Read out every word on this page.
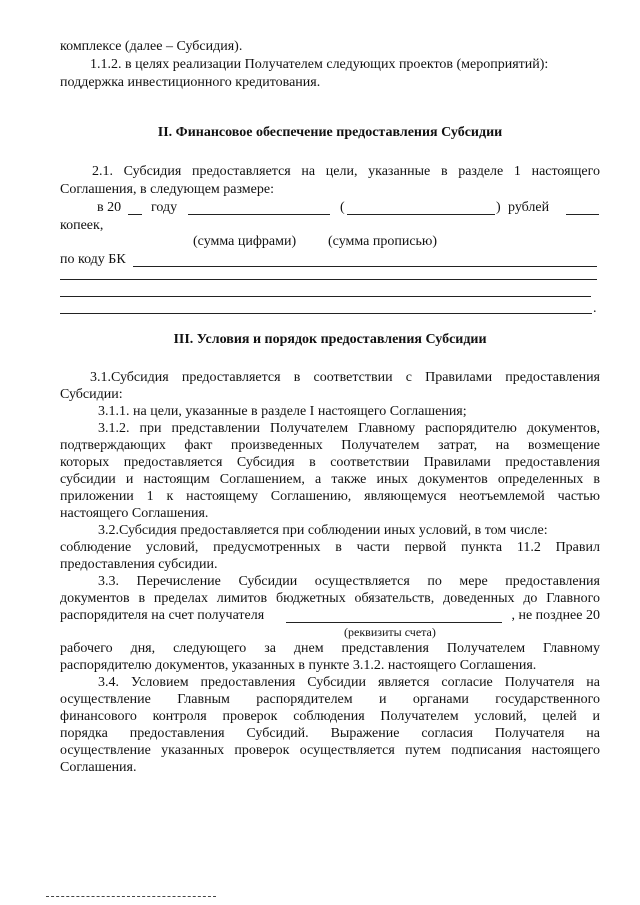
комплексе (далее – Субсидия).
1.1.2. в целях реализации Получателем следующих проектов (мероприятий):
поддержка инвестиционного кредитования.
II. Финансовое обеспечение предоставления Субсидии
2.1. Субсидия предоставляется на цели, указанные в разделе 1 настоящего
Соглашения, в следующем размере:
в 20 году	(	) рублей
копеек,
(сумма цифрами) (сумма прописью)
по коду БК
.
III. Условия и порядок предоставления Субсидии
3.1.Субсидия предоставляется в соответствии с Правилами предоставления
Субсидии:
3.1.1. на цели, указанные в разделе I настоящего Соглашения;
3.1.2. при представлении Получателем Главному распорядителю документов,
подтверждающих факт произведенных Получателем затрат, на возмещение
которых предоставляется Субсидия в соответствии Правилами предоставления
субсидии и настоящим Соглашением, а также иных документов определенных в
приложении 1 к настоящему Соглашению, являющемуся неотъемлемой частью
настоящего Соглашения.
3.2.Субсидия предоставляется при соблюдении иных условий, в том числе:
соблюдение условий, предусмотренных в части первой пункта 11.2 Правил
предоставления субсидии.
3.3. Перечисление Субсидии осуществляется по мере предоставления
документов в пределах лимитов бюджетных обязательств, доведенных до Главного
распорядителя на счет получателя	, не позднее 20
(реквизиты счета)
рабочего дня, следующего за днем представления Получателем Главному
распорядителю документов, указанных в пункте 3.1.2. настоящего Соглашения.
3.4. Условием предоставления Субсидии является согласие Получателя на
осуществление Главным распорядителем и органами государственного
финансового контроля проверок соблюдения Получателем условий, целей и
порядка предоставления Субсидий. Выражение согласия Получателя на
осуществление указанных проверок осуществляется путем подписания настоящего
Соглашения.
